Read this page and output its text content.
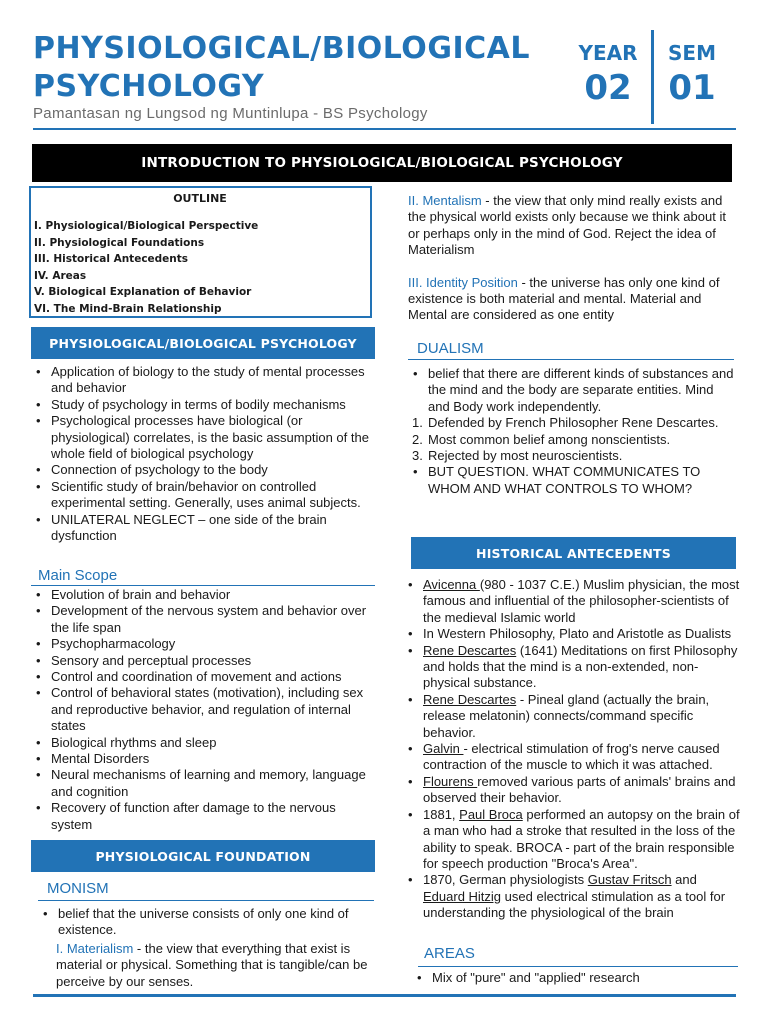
PHYSIOLOGICAL/BIOLOGICAL
PSYCHOLOGY
Pamantasan ng Lungsod ng Muntinlupa - BS Psychology
YEAR
02
SEM
01
INTRODUCTION TO PHYSIOLOGICAL/BIOLOGICAL PSYCHOLOGY
OUTLINE
I. Physiological/Biological Perspective
II. Physiological Foundations
III. Historical Antecedents
IV. Areas
V. Biological Explanation of Behavior
VI. The Mind-Brain Relationship
PHYSIOLOGICAL/BIOLOGICAL PSYCHOLOGY
• Application of biology to the study of mental processes and behavior
• Study of psychology in terms of bodily mechanisms
• Psychological processes have biological (or physiological) correlates, is the basic assumption of the whole field of biological psychology
• Connection of psychology to the body
• Scientific study of brain/behavior on controlled experimental setting. Generally, uses animal subjects.
• UNILATERAL NEGLECT – one side of the brain dysfunction
Main Scope
• Evolution of brain and behavior
• Development of the nervous system and behavior over the life span
• Psychopharmacology
• Sensory and perceptual processes
• Control and coordination of movement and actions
• Control of behavioral states (motivation), including sex and reproductive behavior, and regulation of internal states
• Biological rhythms and sleep
• Mental Disorders
• Neural mechanisms of learning and memory, language and cognition
• Recovery of function after damage to the nervous system
PHYSIOLOGICAL FOUNDATION
MONISM
• belief that the universe consists of only one kind of existence.

I. Materialism - the view that everything that exist is material or physical. Something that is tangible/can be perceive by our senses.

II. Mentalism - the view that only mind really exists and the physical world exists only because we think about it or perhaps only in the mind of God. Reject the idea of Materialism

III. Identity Position - the universe has only one kind of existence is both material and mental. Material and Mental are considered as one entity

DUALISM
• belief that there are different kinds of substances and the mind and the body are separate entities. Mind and Body work independently.
1. Defended by French Philosopher Rene Descartes.
2. Most common belief among nonscientists.
3. Rejected by most neuroscientists.
• BUT QUESTION. WHAT COMMUNICATES TO WHOM AND WHAT CONTROLS TO WHOM?
HISTORICAL ANTECEDENTS
• Avicenna (980 - 1037 C.E.) Muslim physician, the most famous and influential of the philosopher-scientists of the medieval Islamic world
• In Western Philosophy, Plato and Aristotle as Dualists
• Rene Descartes (1641) Meditations on first Philosophy and holds that the mind is a non-extended, non-physical substance.
• Rene Descartes - Pineal gland (actually the brain, release melatonin) connects/command specific behavior.
• Galvin - electrical stimulation of frog's nerve caused contraction of the muscle to which it was attached.
• Flourens removed various parts of animals' brains and observed their behavior.
• 1881, Paul Broca performed an autopsy on the brain of a man who had a stroke that resulted in the loss of the ability to speak. BROCA - part of the brain responsible for speech production "Broca's Area".
• 1870, German physiologists Gustav Fritsch and Eduard Hitzig used electrical stimulation as a tool for understanding the physiological of the brain
AREAS
• Mix of "pure" and "applied" research
